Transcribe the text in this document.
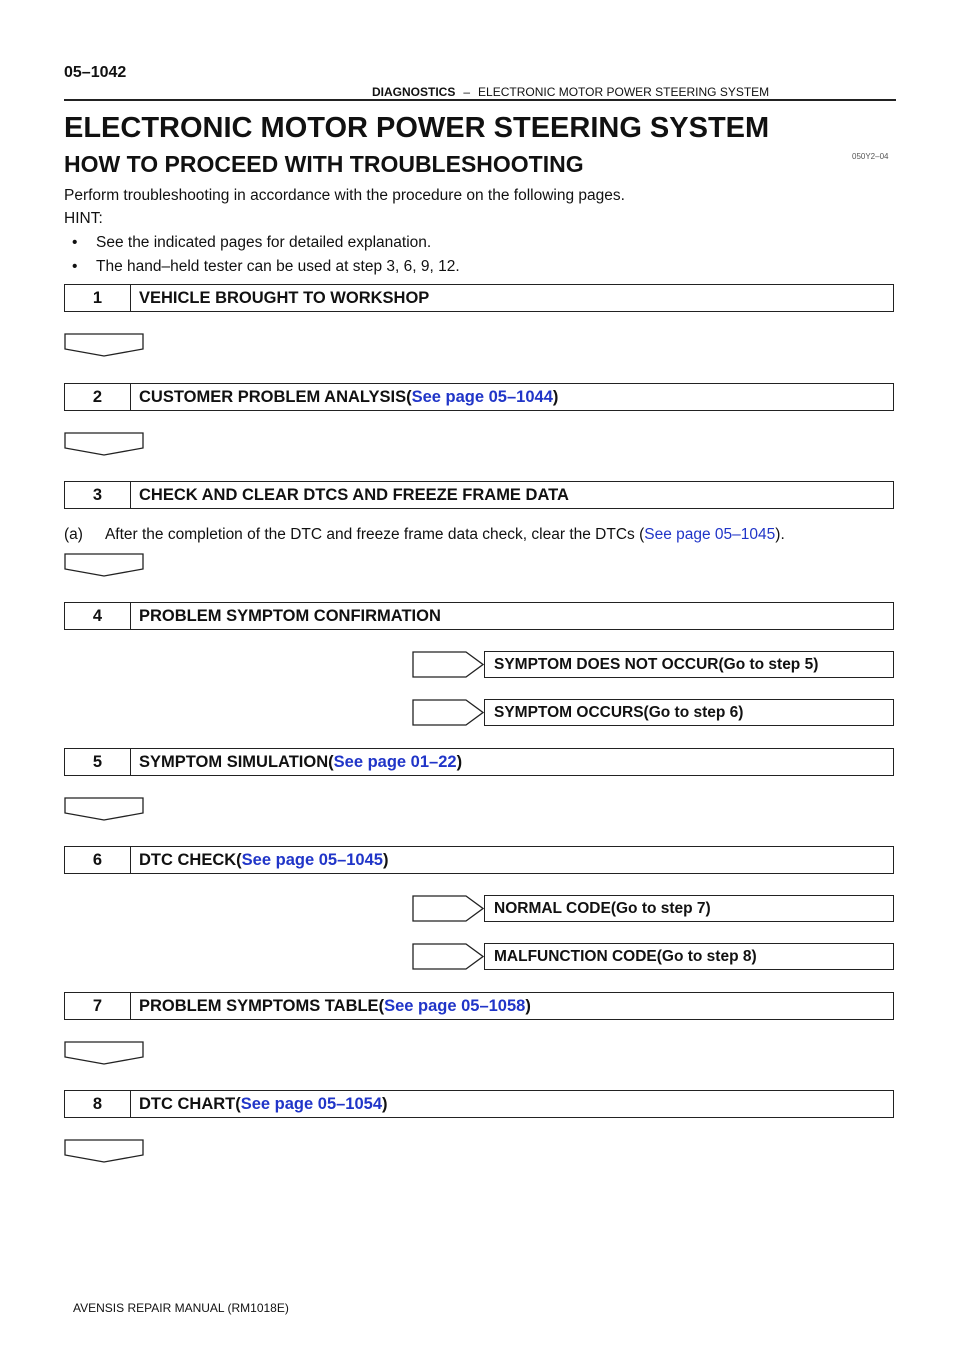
05–1042
DIAGNOSTICS – ELECTRONIC MOTOR POWER STEERING SYSTEM
ELECTRONIC MOTOR POWER STEERING SYSTEM
050Y2–04
HOW TO PROCEED WITH TROUBLESHOOTING
Perform troubleshooting in accordance with the procedure on the following pages.
HINT:
• See the indicated pages for detailed explanation.
• The hand–held tester can be used at step 3, 6, 9, 12.
1	VEHICLE BROUGHT TO WORKSHOP
2	CUSTOMER PROBLEM ANALYSIS(See page 05–1044)
3	CHECK AND CLEAR DTCS AND FREEZE FRAME DATA
(a) After the completion of the DTC and freeze frame data check, clear the DTCs (See page 05–1045).
4	PROBLEM SYMPTOM CONFIRMATION
SYMPTOM DOES NOT OCCUR(Go to step 5)
SYMPTOM OCCURS(Go to step 6)
5	SYMPTOM SIMULATION(See page 01–22)
6	DTC CHECK(See page 05–1045)
NORMAL CODE(Go to step 7)
MALFUNCTION CODE(Go to step 8)
7	PROBLEM SYMPTOMS TABLE(See page 05–1058)
8	DTC CHART(See page 05–1054)
AVENSIS REPAIR MANUAL (RM1018E)
